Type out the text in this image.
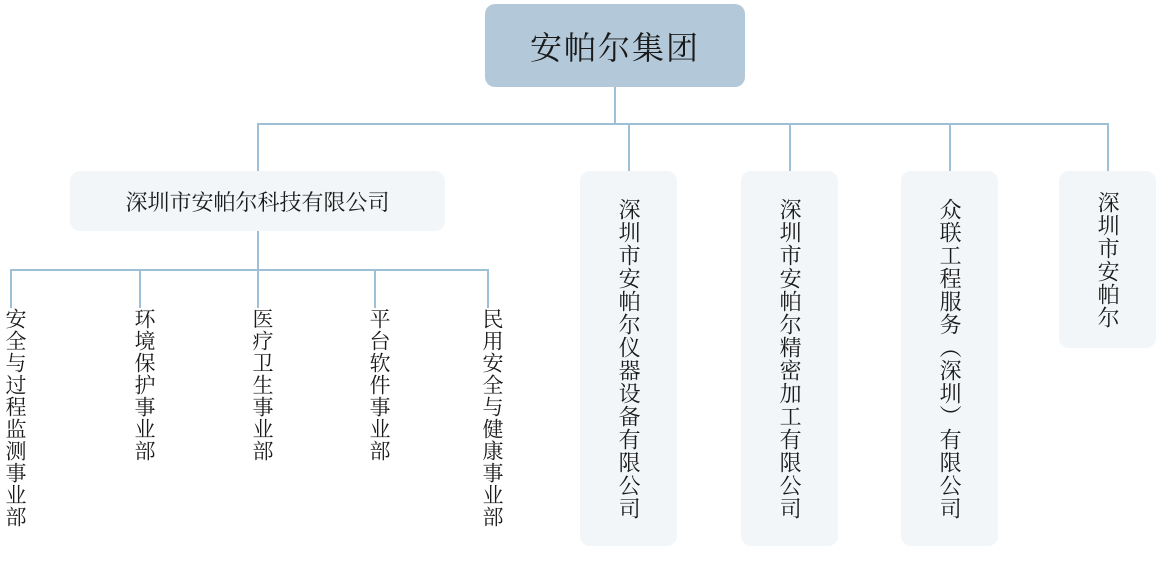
安帕尔集团
深圳市安帕尔科技有限公司	深圳市安帕尔仪器设备有限公司	深圳市安帕尔精密加工有限公司	众联工程服务（深圳）有限公司	深圳市安帕尔
安全与过程监测事业部	环境保护事业部	医疗卫生事业部	平台软件事业部	民用安全与健康事业部
